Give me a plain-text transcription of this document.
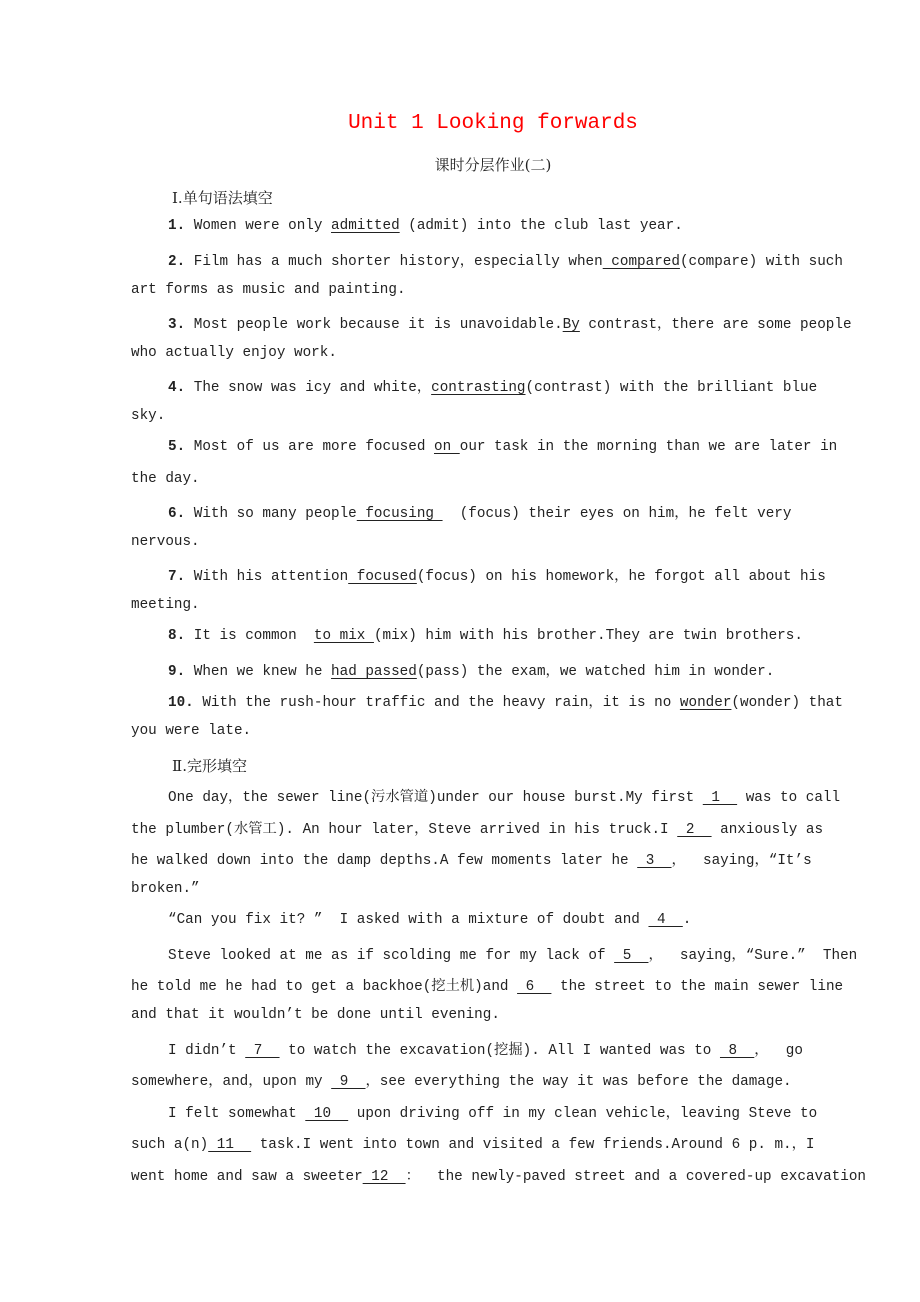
Unit 1 Looking forwards
课时分层作业(二)
Ⅰ.单句语法填空
1. Women were only admitted (admit) into the club last year.
2. Film has a much shorter history，especially when compared(compare) with such
art forms as music and painting.
3. Most people work because it is unavoidable.By contrast，there are some people
who actually enjoy work.
4. The snow was icy and white，contrasting(contrast) with the brilliant blue
sky.
5. Most of us are more focused on our task in the morning than we are later in
the day.
6. With so many people focusing   (focus) their eyes on him，he felt very
nervous.
7. With his attention focused(focus) on his homework，he forgot all about his
meeting.
8. It is common  to mix (mix) him with his brother.They are twin brothers.
9. When we knew he had passed(pass) the exam，we watched him in wonder.
10. With the rush-hour traffic and the heavy rain，it is no wonder(wonder) that
you were late.
Ⅱ.完形填空
One day，the sewer line(污水管道)under our house burst.My first  1   was to call
the plumber(水管工). An hour later，Steve arrived in his truck.I  2   anxiously as
he walked down into the damp depths.A few moments later he  3  ，  saying，“It’s
broken.”
“Can you fix it? ”  I asked with a mixture of doubt and  4  .
Steve looked at me as if scolding me for my lack of  5  ，  saying，“Sure.”  Then
he told me he had to get a backhoe(挖土机)and  6   the street to the main sewer line
and that it wouldn’t be done until evening.
I didn’t  7   to watch the excavation(挖掘). All I wanted was to  8  ，  go
somewhere，and，upon my  9  ，see everything the way it was before the damage.
I felt somewhat  10   upon driving off in my clean vehicle，leaving Steve to
such a(n) 11   task.I went into town and visited a few friends.Around 6 p. m.，I
went home and saw a sweeter 12  ：  the newly-paved street and a covered-up excavation
